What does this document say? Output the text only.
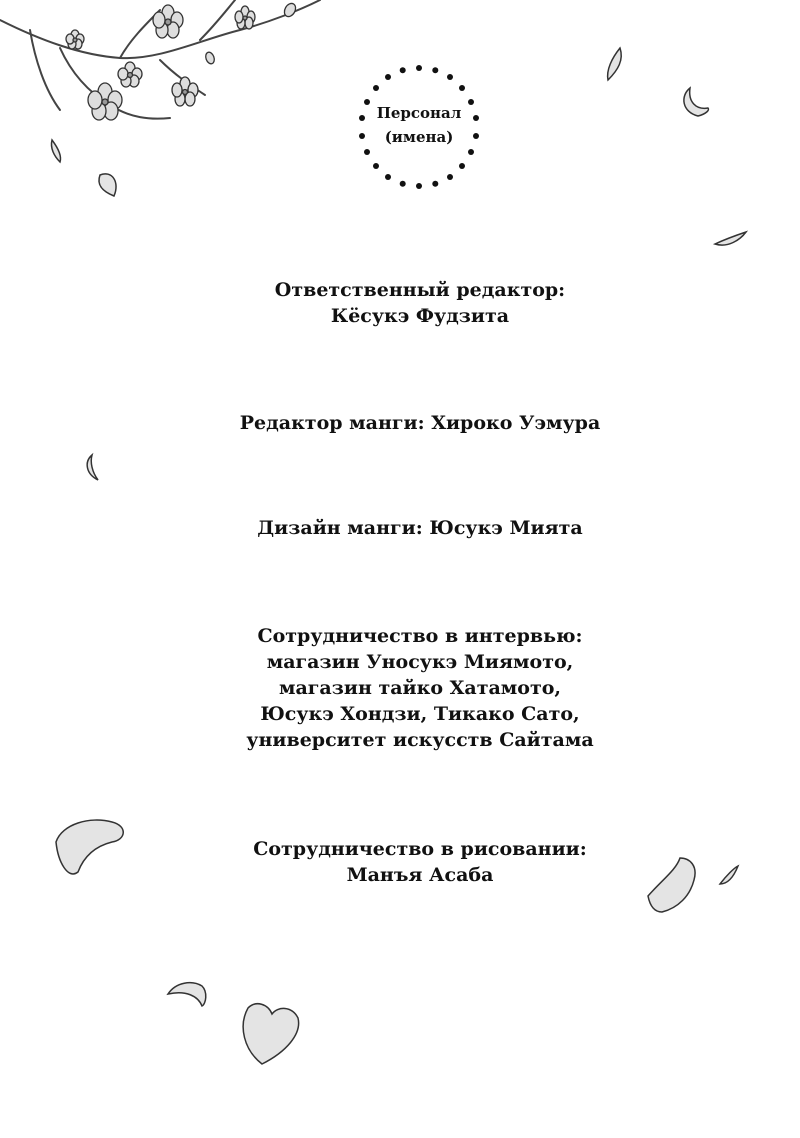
Персонал
(имена)
Ответственный редактор:
Кёсукэ Фудзита
Редактор манги: Хироко Уэмура
Дизайн манги: Юсукэ Мията
Сотрудничество в интервью:
магазин Уносукэ Миямото,
магазин тайко Хатамото,
Юсукэ Хондзи, Тикако Сато,
университет искусств Сайтама
Сотрудничество в рисовании:
Манъя Асаба
